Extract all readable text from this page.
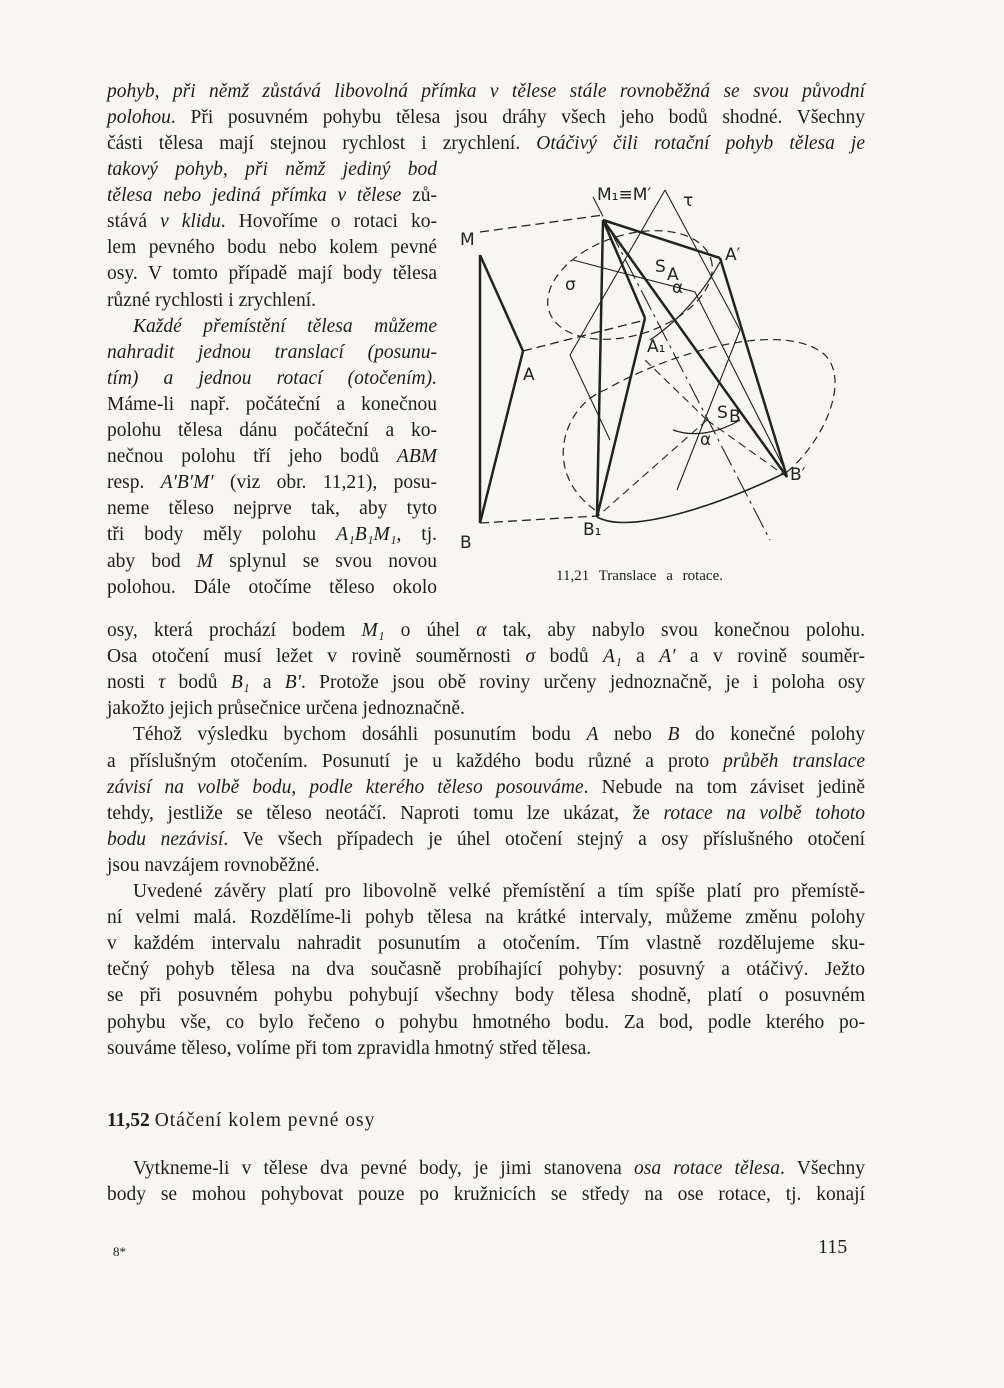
pohyb, při němž zůstává libovolná přímka v tělese stále rovnoběžná se svou původní
polohou. Při posuvném pohybu tělesa jsou dráhy všech jeho bodů shodné. Všechny
části tělesa mají stejnou rychlost i zrychlení. Otáčivý čili rotační pohyb tělesa je
takový pohyb, při němž jediný bod
tělesa nebo jediná přímka v tělese zů-
stává v klidu. Hovoříme o rotaci ko-
lem pevného bodu nebo kolem pevné
osy. V tomto případě mají body tělesa
různé rychlosti i zrychlení.
Každé přemístění tělesa můžeme
nahradit jednou translací (posunu-
tím) a jednou rotací (otočením).
Máme-li např. počáteční a konečnou
polohu tělesa dánu počáteční a ko-
nečnou polohu tří jeho bodů ABM
resp. A′B′M′ (viz obr. 11,21), posu-
neme těleso nejprve tak, aby tyto
tři body měly polohu A₁B₁M₁, tj.
aby bod M splynul se svou novou
polohou. Dále otočíme těleso okolo
osy, která prochází bodem M₁ o úhel α tak, aby nabylo svou konečnou polohu.
Osa otočení musí ležet v rovině souměrnosti σ bodů A₁ a A′ a v rovině souměr-
nosti τ bodů B₁ a B′. Protože jsou obě roviny určeny jednoznačně, je i poloha osy
jakožto jejich průsečnice určena jednoznačně.
Téhož výsledku bychom dosáhli posunutím bodu A nebo B do konečné polohy
a příslušným otočením. Posunutí je u každého bodu různé a proto průběh translace
závisí na volbě bodu, podle kterého těleso posouváme. Nebude na tom záviset jedině
tehdy, jestliže se těleso neotáčí. Naproti tomu lze ukázat, že rotace na volbě tohoto
bodu nezávisí. Ve všech případech je úhel otočení stejný a osy příslušného otočení
jsou navzájem rovnoběžné.
Uvedené závěry platí pro libovolně velké přemístění a tím spíše platí pro přemístě-
ní velmi malá. Rozdělíme-li pohyb tělesa na krátké intervaly, můžeme změnu polohy
v každém intervalu nahradit posunutím a otočením. Tím vlastně rozdělujeme sku-
tečný pohyb tělesa na dva současně probíhající pohyby: posuvný a otáčivý. Ježto
se při posuvném pohybu pohybují všechny body tělesa shodně, platí o posuvném
pohybu vše, co bylo řečeno o pohybu hmotného bodu. Za bod, podle kterého po-
souváme těleso, volíme při tom zpravidla hmotný střed tělesa.
M
M₁≡M′ τ
A′
S A
α
σ
A₁
A
S B
α
B′
B₁
B
11,21 Translace a rotace.
11,52 Otáčení kolem pevné osy
Vytkneme-li v tělese dva pevné body, je jimi stanovena osa rotace tělesa. Všechny
body se mohou pohybovat pouze po kružnicích se středy na ose rotace, tj. konají
8*	115
